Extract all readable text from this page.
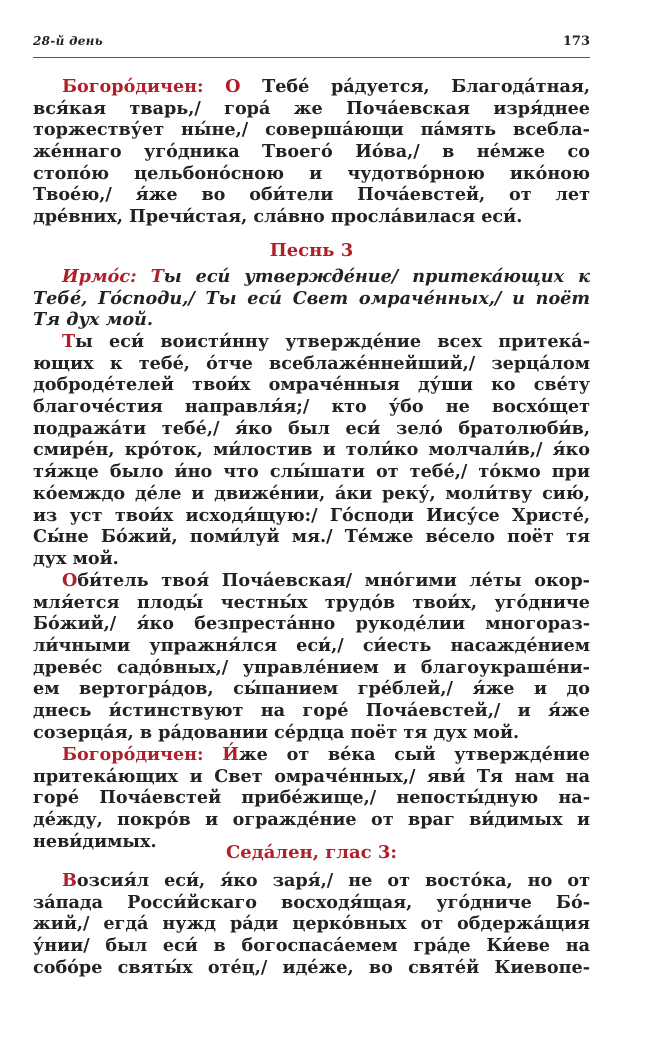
28-й день	173
Богоро́дичен: О Тебе́ ра́дуется, Благода́тная,
вся́кая тварь,/ гора́ же Поча́евская изря́днее
торжеству́ет ны́не,/ соверша́ющи па́мять всебла-
же́ннаго уго́дника Твоего́ Ио́ва,/ в не́мже со
стопо́ю цельбоно́сною и чудотво́рною ико́ною
Твое́ю,/ я́же во оби́тели Поча́евстей, от лет
дре́вних, Пречи́стая, сла́вно просла́вилася еси́.
Песнь 3
Ирмо́с: Ты еси́ утвержде́ние/ притека́ющих к
Тебе́, Го́споди,/ Ты еси́ Свет омраче́нных,/ и поёт
Тя дух мой.
Ты еси́ воисти́нну утвержде́ние всех притека́-
ющих к тебе́, о́тче всеблаже́ннейший,/ зерца́лом
доброде́телей твои́х омраче́нныя ду́ши ко све́ту
благоче́стия направля́я;/ кто у́бо не восхо́щет
подража́ти тебе́,/ я́ко был еси́ зело́ братолюби́в,
смире́н, кро́ток, ми́лостив и толи́ко молчали́в,/ я́ко
тя́жце было и́но что слы́шати от тебе́,/ то́кмо при
ко́емждо де́ле и движе́нии, а́ки реку́, моли́тву сию́,
из уст твои́х исходя́щую:/ Го́споди Иису́се Христе́,
Сы́не Бо́жий, поми́луй мя./ Те́мже ве́село поёт тя
дух мой.
Оби́тель твоя́ Поча́евская/ мно́гими ле́ты окор-
мля́ется плоды́ честны́х трудо́в твои́х, уго́дниче
Бо́жий,/ я́ко безпреста́нно рукоде́лии многораз-
ли́чными упражня́лся еси́,/ си́есть насажде́нием
древе́с садо́вных,/ управле́нием и благоукраше́ни-
ем вертогра́дов, сы́панием гре́блей,/ я́же и до
днесь и́стинствуют на горе́ Поча́евстей,/ и я́же
созерца́я, в ра́довании се́рдца поёт тя дух мой.
Богоро́дичен: И́же от ве́ка сый утвержде́ние
притека́ющих и Свет омраче́нных,/ яви́ Тя нам на
горе́ Поча́евстей прибе́жище,/ непосты́дную на-
де́жду, покро́в и огражде́ние от враг ви́димых и
неви́димых.
Седа́лен, глас 3:
Возсия́л еси́, я́ко заря́,/ не от восто́ка, но от
за́пада Росси́йскаго восходя́щая, уго́дниче Бо́-
жий,/ егда́ нужд ра́ди церко́вных от обдержа́щия
у́нии/ был еси́ в богоспаса́емем гра́де Ки́еве на
собо́ре святы́х оте́ц,/ иде́же, во святе́й Киевопе-
